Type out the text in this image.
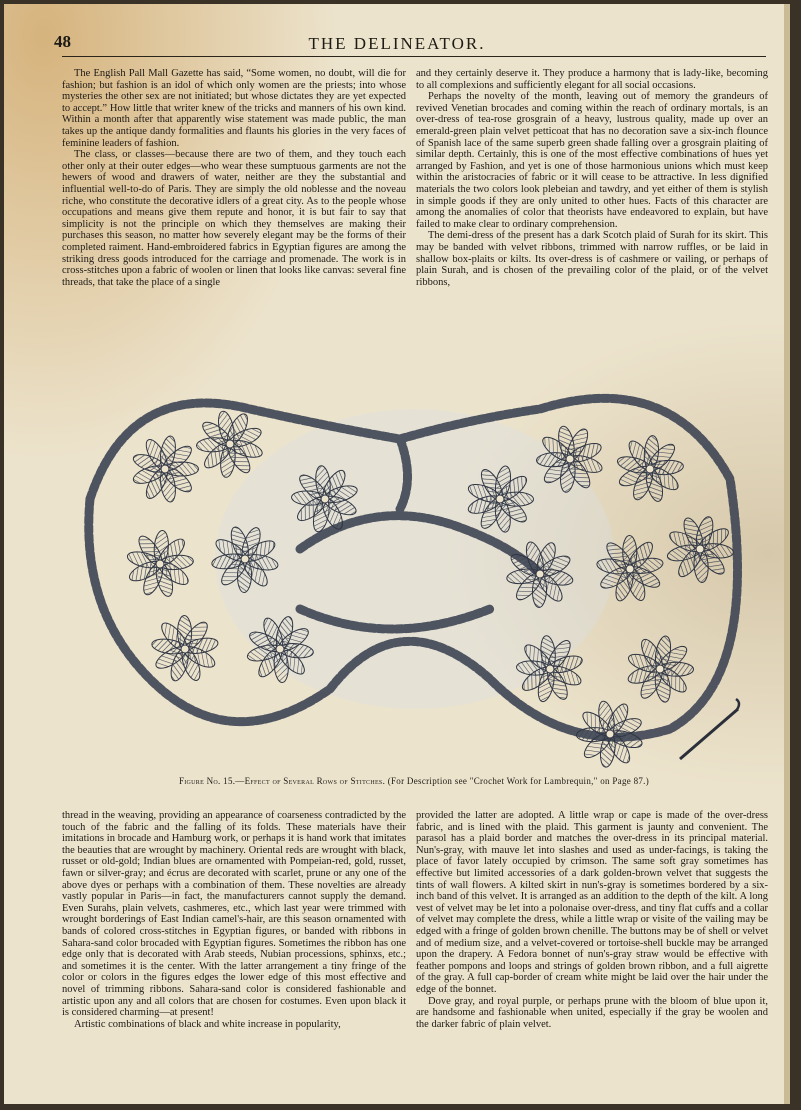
48	THE DELINEATOR.

The English Pall Mall Gazette has said, “Some women, no doubt, will die for fashion; but fashion is an idol of which only women are the priests; into whose mysteries the other sex are not initiated; but whose dictates they are yet expected to accept.” How little that writer knew of the tricks and manners of his own kind. Within a month after that apparently wise statement was made public, the man takes up the antique dandy formalities and flaunts his glories in the very faces of feminine leaders of fashion.

The class, or classes—because there are two of them, and they touch each other only at their outer edges—who wear these sumptuous garments are not the hewers of wood and drawers of water, neither are they the substantial and influential well-to-do of Paris. They are simply the old noblesse and the noveau riche, who constitute the decorative idlers of a great city. As to the people whose occupations and means give them repute and honor, it is but fair to say that simplicity is not the principle on which they themselves are making their purchases this season, no matter how severely elegant may be the forms of their completed raiment. Hand-embroidered fabrics in Egyptian figures are among the striking dress goods introduced for the carriage and promenade. The work is in cross-stitches upon a fabric of woolen or linen that looks like canvas: several fine threads, that take the place of a single

and they certainly deserve it. They produce a harmony that is lady-like, becoming to all complexions and sufficiently elegant for all social occasions.

Perhaps the novelty of the month, leaving out of memory the grandeurs of revived Venetian brocades and coming within the reach of ordinary mortals, is an over-dress of tea-rose grosgrain of a heavy, lustrous quality, made up over an emerald-green plain velvet petticoat that has no decoration save a six-inch flounce of Spanish lace of the same superb green shade falling over a grosgrain plaiting of similar depth. Certainly, this is one of the most effective combinations of hues yet arranged by Fashion, and yet is one of those harmonious unions which must keep within the aristocracies of fabric or it will cease to be attractive. In less dignified materials the two colors look plebeian and tawdry, and yet either of them is stylish in simple goods if they are only united to other hues. Facts of this character are among the anomalies of color that theorists have endeavored to explain, but have failed to make clear to ordinary comprehension.

The demi-dress of the present has a dark Scotch plaid of Surah for its skirt. This may be banded with velvet ribbons, trimmed with narrow ruffles, or be laid in shallow box-plaits or kilts. Its over-dress is of cashmere or vailing, or perhaps of plain Surah, and is chosen of the prevailing color of the plaid, or of the velvet ribbons,

Figure No. 15.—Effect of Several Rows of Stitches. (For Description see "Crochet Work for Lambrequin," on Page 87.)

thread in the weaving, providing an appearance of coarseness contradicted by the touch of the fabric and the falling of its folds. These materials have their imitations in brocade and Hamburg work, or perhaps it is hand work that imitates the beauties that are wrought by machinery. Oriental reds are wrought with black, russet or old-gold; Indian blues are ornamented with Pompeian-red, gold, russet, fawn or silver-gray; and écrus are decorated with scarlet, prune or any one of the above dyes or perhaps with a combination of them. These novelties are already vastly popular in Paris—in fact, the manufacturers cannot supply the demand. Even Surahs, plain velvets, cashmeres, etc., which last year were trimmed with wrought borderings of East Indian camel's-hair, are this season ornamented with bands of colored cross-stitches in Egyptian figures, or banded with ribbons in Sahara-sand color brocaded with Egyptian figures. Sometimes the ribbon has one edge only that is decorated with Arab steeds, Nubian processions, sphinxs, etc.; and sometimes it is the center. With the latter arrangement a tiny fringe of the color or colors in the figures edges the lower edge of this most effective and novel of trimming ribbons. Sahara-sand color is considered fashionable and artistic upon any and all colors that are chosen for costumes. Even upon black it is considered charming—at present!

Artistic combinations of black and white increase in popularity,

provided the latter are adopted. A little wrap or cape is made of the over-dress fabric, and is lined with the plaid. This garment is jaunty and convenient. The parasol has a plaid border and matches the over-dress in its principal material. Nun's-gray, with mauve let into slashes and used as under-facings, is taking the place of favor lately occupied by crimson. The same soft gray sometimes has effective but limited accessories of a dark golden-brown velvet that suggests the tints of wall flowers. A kilted skirt in nun's-gray is sometimes bordered by a six-inch band of this velvet. It is arranged as an addition to the depth of the kilt. A long vest of velvet may be let into a polonaise over-dress, and tiny flat cuffs and a collar of velvet may complete the dress, while a little wrap or visite of the vailing may be edged with a fringe of golden brown chenille. The buttons may be of shell or velvet and of medium size, and a velvet-covered or tortoise-shell buckle may be arranged upon the drapery. A Fedora bonnet of nun's-gray straw would be effective with feather pompons and loops and strings of golden brown ribbon, and a full aigrette of the gray. A full cap-border of cream white might be laid over the hair under the edge of the bonnet.

Dove gray, and royal purple, or perhaps prune with the bloom of blue upon it, are handsome and fashionable when united, especially if the gray be woolen and the darker fabric of plain velvet.
